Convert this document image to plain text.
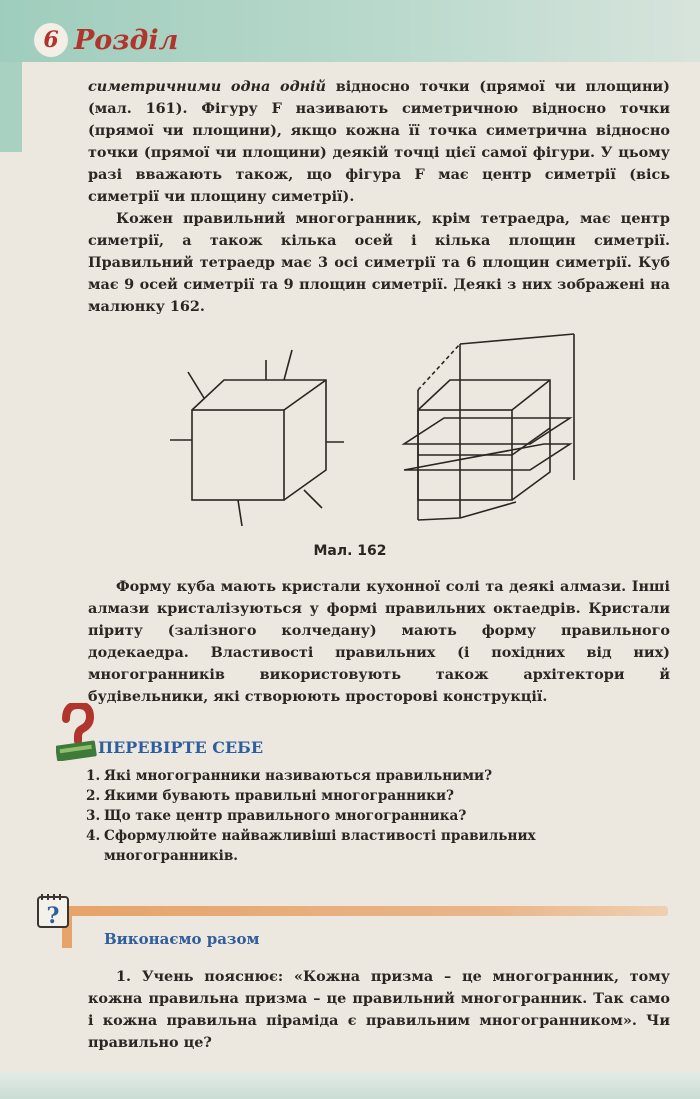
6 Розділ

симетричними одна одній відносно точки (прямої чи площини) (мал. 161). Фігуру F називають симетричною відносно точки (прямої чи площини), якщо кожна її точка симетрична відносно точки (прямої чи площини) деякій точці цієї самої фігури. У цьому разі вважають також, що фігура F має центр симетрії (вісь симетрії чи площину симетрії).

Кожен правильний многогранник, крім тетраедра, має центр симетрії, а також кілька осей і кілька площин симетрії. Правильний тетраедр має 3 осі симетрії та 6 площин симетрії. Куб має 9 осей симетрії та 9 площин симетрії. Деякі з них зображені на малюнку 162.

Мал. 162

Форму куба мають кристали кухонної солі та деякі алмази. Інші алмази кристалізуються у формі правильних октаедрів. Кристали піриту (залізного колчедану) мають форму правильного додекаедра. Властивості правильних (і похідних від них) многогранників використовують також архітектори й будівельники, які створюють просторові конструкції.

ПЕРЕВІРТЕ СЕБЕ
1. Які многогранники називаються правильними?
2. Якими бувають правильні многогранники?
3. Що таке центр правильного многогранника?
4. Сформулюйте найважливіші властивості правильних многогранників.
?
Виконаємо разом

1. Учень пояснює: «Кожна призма – це многогранник, тому кожна правильна призма – це правильний многогранник. Так само і кожна правильна піраміда є правильним многогранником». Чи правильно це?
